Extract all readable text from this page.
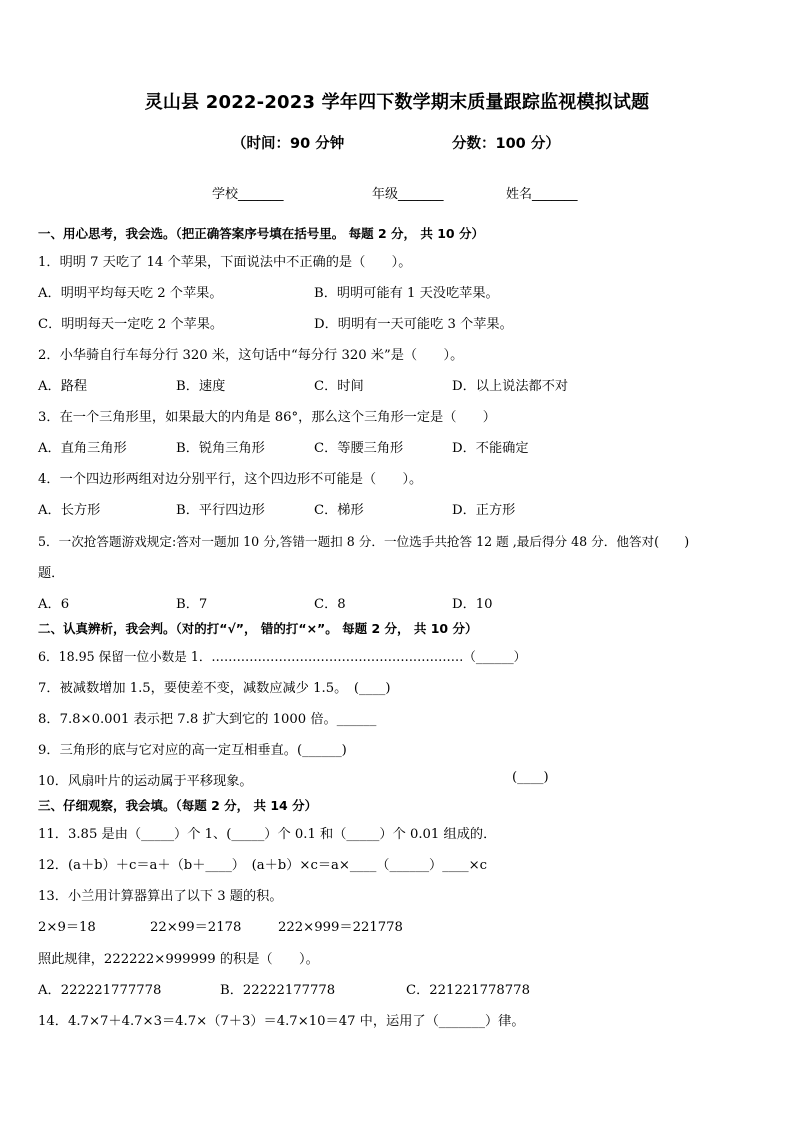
灵山县 2022-2023 学年四下数学期末质量跟踪监视模拟试题
（时间：90 分钟	分数：100 分）
学校_______	年级_______	姓名_______
一、用心思考，我会选。（把正确答案序号填在括号里。 每题 2 分， 共 10 分）
1．明明 7 天吃了 14 个苹果，下面说法中不正确的是（　　）。
A．明明平均每天吃 2 个苹果。	B．明明可能有 1 天没吃苹果。
C．明明每天一定吃 2 个苹果。	D．明明有一天可能吃 3 个苹果。
2．小华骑自行车每分行 320 米，这句话中“每分行 320 米”是（　　）。
A．路程	B．速度	C．时间	D．以上说法都不对
3．在一个三角形里，如果最大的内角是 86°，那么这个三角形一定是（　　）
A．直角三角形	B．锐角三角形	C．等腰三角形	D．不能确定
4．一个四边形两组对边分别平行，这个四边形不可能是（　　）。
A．长方形	B．平行四边形	C．梯形	D．正方形
5．一次抢答题游戏规定:答对一题加 10 分,答错一题扣 8 分．一位选手共抢答 12 题 ,最后得分 48 分．他答对(　　)
题．
A．6	B．7	C．8	D．10
二、认真辨析，我会判。（对的打“√”， 错的打“×”。 每题 2 分， 共 10 分）
6．18.95 保留一位小数是 1．……………………………………………………（______）
7．被减数增加 1.5，要使差不变，减数应减少 1.5。　(____)
8．7.8×0.001 表示把 7.8 扩大到它的 1000 倍。______
9．三角形的底与它对应的高一定互相垂直。(______)
10．风扇叶片的运动属于平移现象。	(____)
三、仔细观察，我会填。（每题 2 分， 共 14 分）
11．3.85 是由（_____）个 1、(_____）个 0.1 和（_____）个 0.01 组成的．
12．(a＋b）＋c＝a＋（b＋____）　(a＋b）×c＝a×____（______）____×c
13．小兰用计算器算出了以下 3 题的积。
2×9＝18	22×99＝2178	222×999＝221778
照此规律，222222×999999 的积是（　　）。
A．222221777778	B．22222177778	C．221221778778
14．4.7×7＋4.7×3＝4.7×（7＋3）＝4.7×10＝47 中，运用了（_______）律。
